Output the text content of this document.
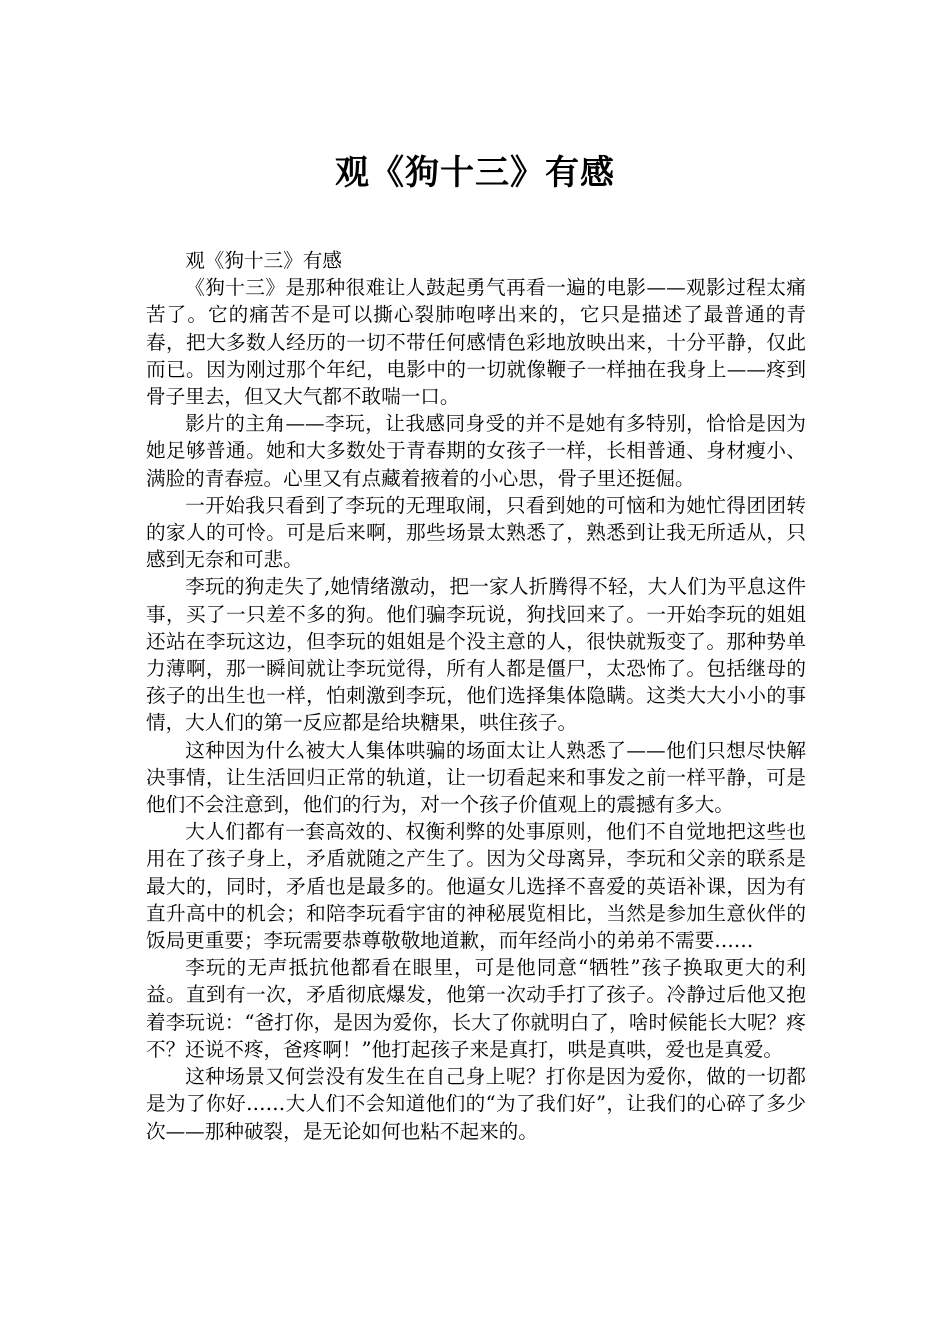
观《狗十三》有感

观《狗十三》有感

《狗十三》是那种很难让人鼓起勇气再看一遍的电影——观影过程太痛苦了。它的痛苦不是可以撕心裂肺咆哮出来的，它只是描述了最普通的青春，把大多数人经历的一切不带任何感情色彩地放映出来，十分平静，仅此而已。因为刚过那个年纪，电影中的一切就像鞭子一样抽在我身上——疼到骨子里去，但又大气都不敢喘一口。

影片的主角——李玩，让我感同身受的并不是她有多特别，恰恰是因为她足够普通。她和大多数处于青春期的女孩子一样，长相普通、身材瘦小、满脸的青春痘。心里又有点藏着掖着的小心思，骨子里还挺倔。

一开始我只看到了李玩的无理取闹，只看到她的可恼和为她忙得团团转的家人的可怜。可是后来啊，那些场景太熟悉了，熟悉到让我无所适从，只感到无奈和可悲。

李玩的狗走失了,她情绪激动，把一家人折腾得不轻，大人们为平息这件事，买了一只差不多的狗。他们骗李玩说，狗找回来了。一开始李玩的姐姐还站在李玩这边，但李玩的姐姐是个没主意的人，很快就叛变了。那种势单力薄啊，那一瞬间就让李玩觉得，所有人都是僵尸，太恐怖了。包括继母的孩子的出生也一样，怕刺激到李玩，他们选择集体隐瞒。这类大大小小的事情，大人们的第一反应都是给块糖果，哄住孩子。

这种因为什么被大人集体哄骗的场面太让人熟悉了——他们只想尽快解决事情，让生活回归正常的轨道，让一切看起来和事发之前一样平静，可是他们不会注意到，他们的行为，对一个孩子价值观上的震撼有多大。

大人们都有一套高效的、权衡利弊的处事原则，他们不自觉地把这些也用在了孩子身上，矛盾就随之产生了。因为父母离异，李玩和父亲的联系是最大的，同时，矛盾也是最多的。他逼女儿选择不喜爱的英语补课，因为有直升高中的机会；和陪李玩看宇宙的神秘展览相比，当然是参加生意伙伴的饭局更重要；李玩需要恭尊敬敬地道歉，而年经尚小的弟弟不需要……

李玩的无声抵抗他都看在眼里，可是他同意“牺牲”孩子换取更大的利益。直到有一次，矛盾彻底爆发，他第一次动手打了孩子。冷静过后他又抱着李玩说：“爸打你，是因为爱你，长大了你就明白了，啥时候能长大呢？疼不？还说不疼，爸疼啊！”他打起孩子来是真打，哄是真哄，爱也是真爱。

这种场景又何尝没有发生在自己身上呢？打你是因为爱你，做的一切都是为了你好……大人们不会知道他们的“为了我们好”，让我们的心碎了多少次——那种破裂，是无论如何也粘不起来的。
